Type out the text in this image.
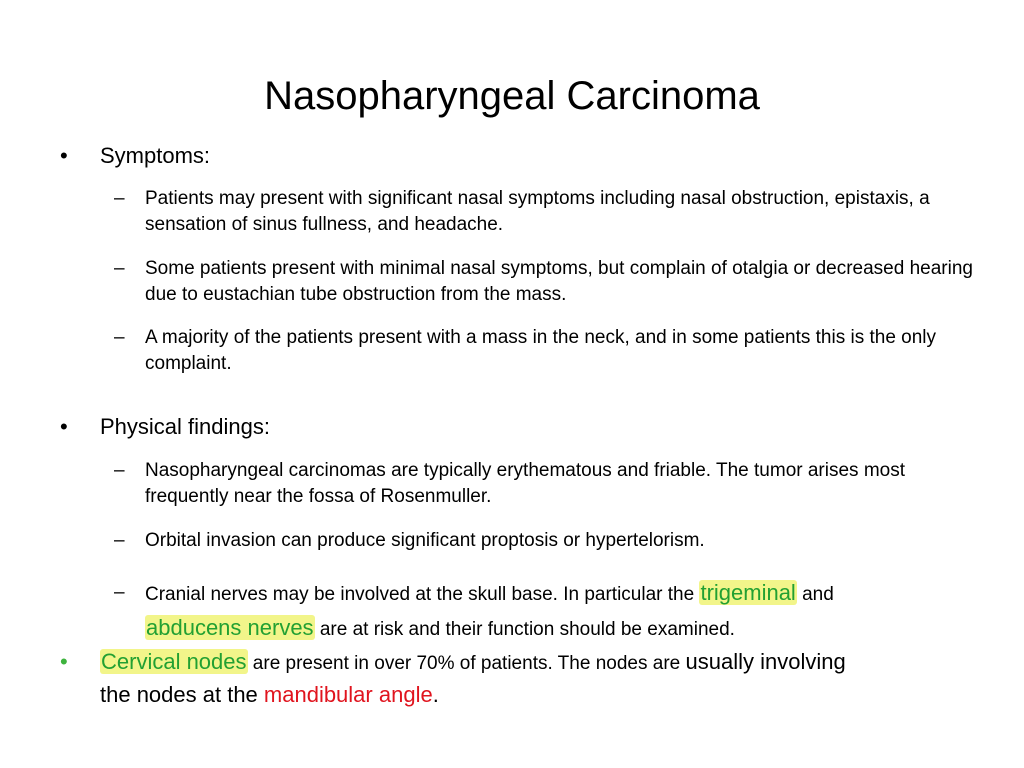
Nasopharyngeal Carcinoma
•	Symptoms:
– Patients may present with significant nasal symptoms including nasal obstruction, epistaxis, a sensation of sinus fullness, and headache.
– Some patients present with minimal nasal symptoms, but complain of otalgia or decreased hearing due to eustachian tube obstruction from the mass.
– A majority of the patients present with a mass in the neck, and in some patients this is the only complaint.
•	Physical findings:
– Nasopharyngeal carcinomas are typically erythematous and friable. The tumor arises most frequently near the fossa of Rosenmuller.
– Orbital invasion can produce significant proptosis or hypertelorism.
– Cranial nerves may be involved at the skull base. In particular the trigeminal and
abducens nerves are at risk and their function should be examined.
•	Cervical nodes are present in over 70% of patients. The nodes are usually involving
the nodes at the mandibular angle.
